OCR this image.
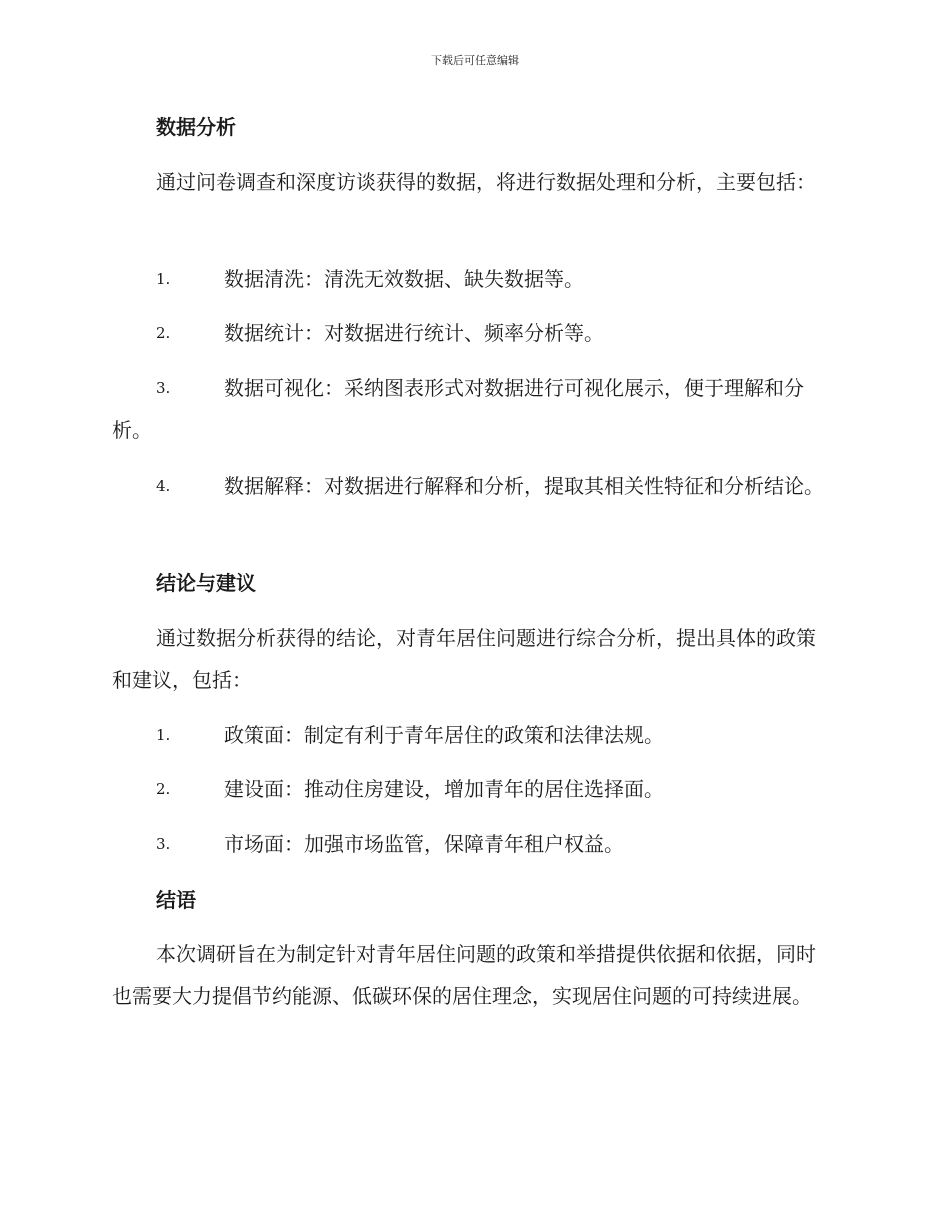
下载后可任意编辑
数据分析

通过问卷调查和深度访谈获得的数据，将进行数据处理和分析，主要包括：

1.	数据清洗：清洗无效数据、缺失数据等。
2.	数据统计：对数据进行统计、频率分析等。
3.	数据可视化：采纳图表形式对数据进行可视化展示，便于理解和分析。
4.	数据解释：对数据进行解释和分析，提取其相关性特征和分析结论。
结论与建议

通过数据分析获得的结论，对青年居住问题进行综合分析，提出具体的政策和建议，包括：

1.	政策面：制定有利于青年居住的政策和法律法规。
2.	建设面：推动住房建设，增加青年的居住选择面。
3.	市场面：加强市场监管，保障青年租户权益。
结语

本次调研旨在为制定针对青年居住问题的政策和举措提供依据和依据，同时也需要大力提倡节约能源、低碳环保的居住理念，实现居住问题的可持续进展。
